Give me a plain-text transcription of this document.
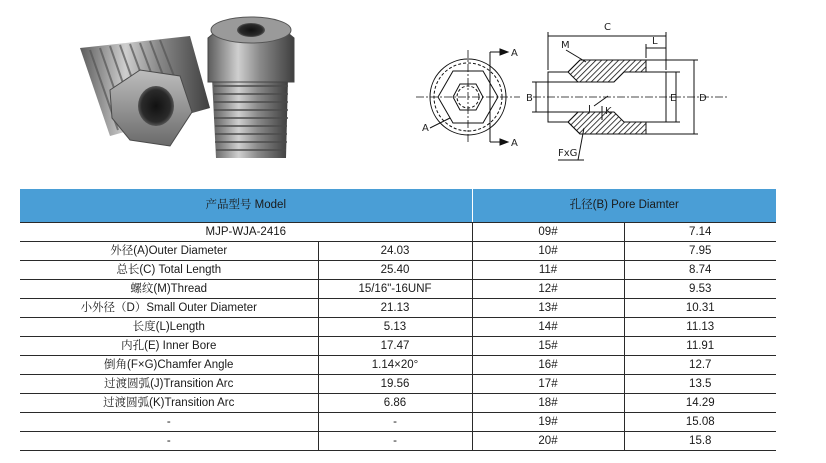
A
A
A
C
M	L
B	E D
J K
FxG
产品型号 Model		孔径(B) Pore Diamter	
MJP-WJA-2416		09#	7.14
外径(A)Outer Diameter	24.03	10#	7.95
总长(C) Total Length	25.40	11#	8.74
螺纹(M)Thread	15/16"-16UNF	12#	9.53
小外径（D）Small Outer Diameter	21.13	13#	10.31
长度(L)Length	5.13	14#	11.13
内孔(E) Inner Bore	17.47	15#	11.91
倒角(F×G)Chamfer Angle	1.14×20°	16#	12.7
过渡圆弧(J)Transition Arc	19.56	17#	13.5
过渡圆弧(K)Transition Arc	6.86	18#	14.29
-	-	19#	15.08
-	-	20#	15.8
